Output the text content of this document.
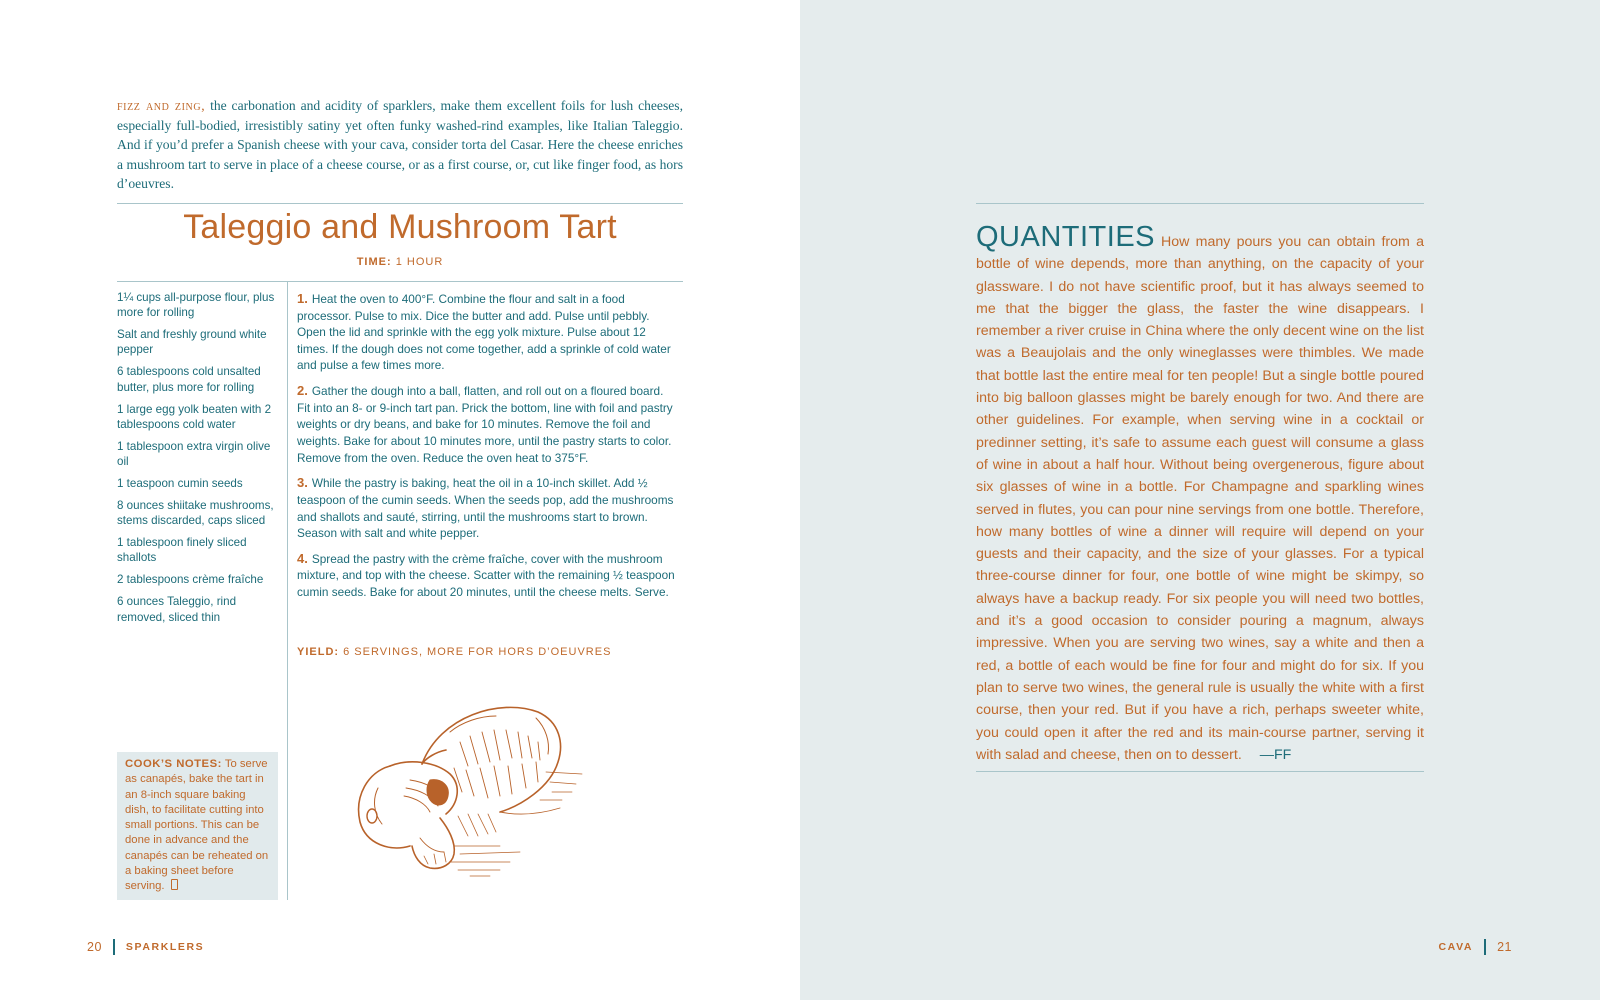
fizz and zing, the carbonation and acidity of sparklers, make them excellent foils for lush cheeses, especially full-bodied, irresistibly satiny yet often funky washed-rind examples, like Italian Taleggio. And if you’d prefer a Spanish cheese with your cava, consider torta del Casar. Here the cheese enriches a mushroom tart to serve in place of a cheese course, or as a first course, or, cut like finger food, as hors d’oeuvres.

Taleggio and Mushroom Tart
TIME: 1 HOUR
1¼ cups all-purpose flour, plus more for rolling
Salt and freshly ground white pepper
6 tablespoons cold unsalted butter, plus more for rolling
1 large egg yolk beaten with 2 tablespoons cold water
1 tablespoon extra virgin olive oil
1 teaspoon cumin seeds
8 ounces shiitake mushrooms, stems discarded, caps sliced
1 tablespoon finely sliced shallots
2 tablespoons crème fraîche
6 ounces Taleggio, rind removed, sliced thin
1. Heat the oven to 400°F. Combine the flour and salt in a food processor. Pulse to mix. Dice the butter and add. Pulse until pebbly. Open the lid and sprinkle with the egg yolk mixture. Pulse about 12 times. If the dough does not come together, add a sprinkle of cold water and pulse a few times more.
2. Gather the dough into a ball, flatten, and roll out on a floured board. Fit into an 8- or 9-inch tart pan. Prick the bottom, line with foil and pastry weights or dry beans, and bake for 10 minutes. Remove the foil and weights. Bake for about 10 minutes more, until the pastry starts to color. Remove from the oven. Reduce the oven heat to 375°F.
3. While the pastry is baking, heat the oil in a 10-inch skillet. Add ½ teaspoon of the cumin seeds. When the seeds pop, add the mushrooms and shallots and sauté, stirring, until the mushrooms start to brown. Season with salt and white pepper.
4. Spread the pastry with the crème fraîche, cover with the mushroom mixture, and top with the cheese. Scatter with the remaining ½ teaspoon cumin seeds. Bake for about 20 minutes, until the cheese melts. Serve.
YIELD: 6 SERVINGS, MORE FOR HORS D’OEUVRES
COOK’S NOTES: To serve as canapés, bake the tart in an 8-inch square baking dish, to facilitate cutting into small portions. This can be done in advance and the canapés can be reheated on a baking sheet before serving.
20 SPARKLERS

QUANTITIES How many pours you can obtain from a bottle of wine depends, more than anything, on the capacity of your glassware. I do not have scientific proof, but it has always seemed to me that the bigger the glass, the faster the wine disappears. I remember a river cruise in China where the only decent wine on the list was a Beaujolais and the only wineglasses were thimbles. We made that bottle last the entire meal for ten people! But a single bottle poured into big balloon glasses might be barely enough for two. And there are other guidelines. For example, when serving wine in a cocktail or predinner setting, it’s safe to assume each guest will consume a glass of wine in about a half hour. Without being overgenerous, figure about six glasses of wine in a bottle. For Champagne and sparkling wines served in flutes, you can pour nine servings from one bottle. Therefore, how many bottles of wine a dinner will require will depend on your guests and their capacity, and the size of your glasses. For a typical three-course dinner for four, one bottle of wine might be skimpy, so always have a backup ready. For six people you will need two bottles, and it’s a good occasion to consider pouring a magnum, always impressive. When you are serving two wines, say a white and then a red, a bottle of each would be fine for four and might do for six. If you plan to serve two wines, the general rule is usually the white with a first course, then your red. But if you have a rich, perhaps sweeter white, you could open it after the red and its main-course partner, serving it with salad and cheese, then on to dessert. —FF

CAVA 21
